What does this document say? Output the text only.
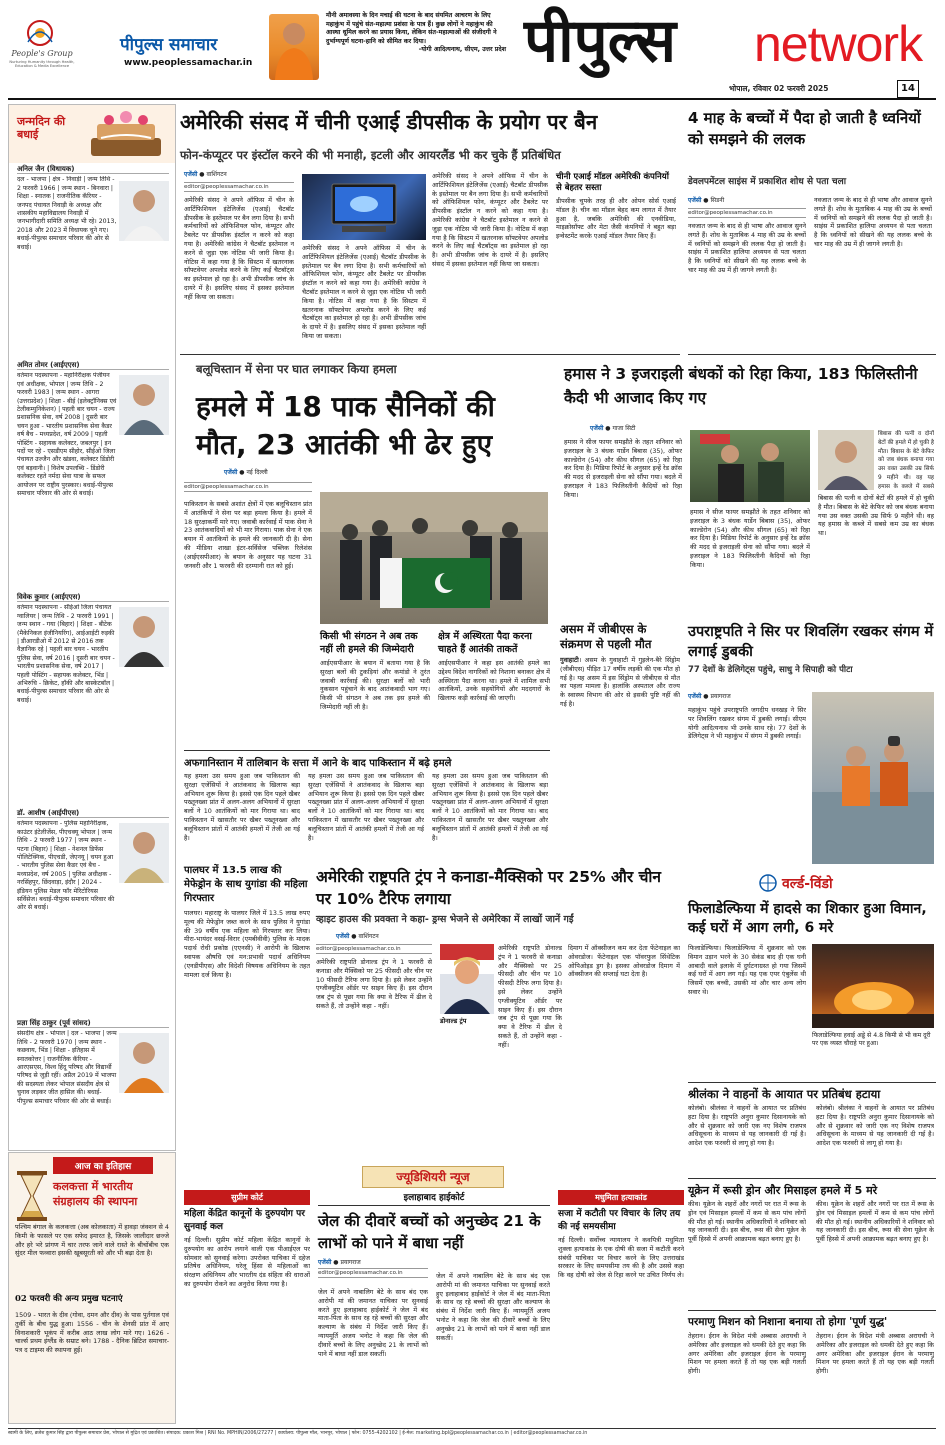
People's Group
Nurturing Humanity through Health, Education & Media Excellence
पीपुल्स समाचार
www.peoplessamachar.in
मौनी अमावस्या के दिन मचाई की घटना के बाद संयमित आचरण के लिए महाकुंभ में पहुंचे संत-महात्मा प्रशंसा के पात्र हैं। कुछ लोगों ने महाकुंभ की आस्था धूमिल करने का प्रयास किया, लेकिन संत-महात्माओं की संजीदगी ने दुर्भाग्यपूर्ण घटना-हानि को सीमित कर दिया।
-योगी आदित्यनाथ, सीएम, उत्तर प्रदेश पीपुल्स network
भोपाल, रविवार 02 फरवरी 2025	14
जन्मदिन की बधाई
अनिल जैन (विधायक)
दल - भाजपा | क्षेत्र - निवाड़ी | जन्म तिथि - 2 फरवरी 1966 | जन्म स्थान - बिनवारा | शिक्षा - स्नातक | राजनीतिक कॅरियर - जनपद पंचायत निवाड़ी के अध्यक्ष और शासकीय महाविद्यालय निवाड़ी में जनभागीदारी समिति अध्यक्ष भी रहे। 2013, 2018 और 2023 में विधायक चुने गए। बधाई-पीपुल्स समाचार परिवार की ओर से बधाई।
अमित तोमर (आईएएस)
वर्तमान पदस्थापना - महानिरीक्षक पंजीयन एवं अधीक्षक, भोपाल | जन्म तिथि - 2 फरवरी 1983 | जन्म स्थान - आगरा (उत्तरप्रदेश) | शिक्षा - बीई (इलेक्ट्रॉनिक्स एवं टेलीकम्युनिकेशन) | पहली बार चयन - राज्य प्रशासनिक सेवा, वर्ष 2008 | दूसरी बार चयन हुआ - भारतीय प्रशासनिक सेवा कैडर वर्ष बैच - मध्यप्रदेश, वर्ष 2009 | पहली पोस्टिंग - सहायक कलेक्टर, जबलपुर | इन पदों पर रहे - एसडीएम सीहोर, सीईओ जिला पंचायत उज्जैन और खंडवा, कलेक्टर डिंडोरी एवं बड़वानी। | विशेष उपलब्धि - डिंडोरी कलेक्टर रहते नर्मदा सेवा यात्रा के सफल आयोजन पर राष्ट्रीय पुरस्कार। बधाई-पीपुल्स समाचार परिवार की ओर से बधाई।
विवेक कुमार (आईएएस)
वर्तमान पदस्थापना - सीईओ जिला पंचायत ग्वालियर | जन्म तिथि - 2 फरवरी 1991 | जन्म स्थान - गया (बिहार) | शिक्षा - बीटेक (मैकेनिकल इंजीनियरिंग), आईआईटी रुड़की | डीआरडीओ में 2012 से 2016 तक वैज्ञानिक रहे | पहली बार चयन - भारतीय पुलिस सेवा, वर्ष 2016 | दूसरी बार चयन - भारतीय प्रशासनिक सेवा, वर्ष 2017 | पहली पोस्टिंग - सहायक कलेक्टर, भिंड | अभिरुचि - क्रिकेट, हॉकी और बास्केटबॉल | बधाई-पीपुल्स समाचार परिवार की ओर से बधाई।
डॉ. आशीष (आईपीएस)
वर्तमान पदस्थापना - पुलिस महानिरीक्षक, काउंटर इंटेलीजेंस, पीएचक्यू भोपाल | जन्म तिथि - 2 फरवरी 1977 | जन्म स्थान - पटना (बिहार) | शिक्षा - नेशनल डिफेंस पोलिटेक्निक, पीएचडी, जेएनयू | चयन हुआ - भारतीय पुलिस सेवा कैडर एवं बैच - मध्यप्रदेश, वर्ष 2005 | पुलिस अधीक्षक - नरसिंहपुर, छिंदवाड़ा, इंदौर | 2024 - इंडियन पुलिस मेडल फॉर मेरिटोरियस सर्विसेज। बधाई-पीपुल्स समाचार परिवार की ओर से बधाई।
प्रज्ञा सिंह ठाकुर (पूर्व सांसद)
संसदीय क्षेत्र - भोपाल | दल - भाजपा | जन्म तिथि - 2 फरवरी 1970 | जन्म स्थान - कछवाय, भिंड | शिक्षा - इतिहास में स्नातकोत्तर | राजनीतिक कॅरियर - आरएसएस, विश्व हिंदू परिषद और विद्यार्थी परिषद से जुड़ी रहीं। अप्रैल 2019 में भाजपा की सदस्यता लेकर भोपाल संसदीय क्षेत्र से चुनाव लड़कर जीत हासिल की। बधाई-पीपुल्स समाचार परिवार की ओर से बधाई।
आज का इतिहास
कलकत्ता में भारतीय संग्रहालय की स्थापना
पश्चिम बंगाल के कलकत्ता (अब कोलकाता) में हावड़ा जंक्शन से 4 किमी के फासले पर एक सफेद इमारत है, जिसके जालीदार छज्जे और हरे भरे प्रांगण में चार तरफ जाने वाले रास्ते के बीचोंबीच एक सुंदर मील फव्वारा इसकी खूबसूरती को और भी बढ़ा देता है।
02 फरवरी की अन्य प्रमुख घटनाएं
1509 - भारत के दीव (गोवा, दमन और दीव) के पास पुर्तगाल एवं तुर्की के बीच युद्ध हुआ। 1556 - चीन के शेनसी प्रांत में आए विनाशकारी भूकंप में करीब आठ लाख लोग मारे गए। 1626 - चार्ल्स प्रथम इंग्लैंड के सम्राट बने। 1788 - दैनिक ब्रिटिश समाचार-पत्र द टाइम्स की स्थापना हुई।
अमेरिकी संसद में चीनी एआई डीपसीक के प्रयोग पर बैन
फोन-कंप्यूटर पर इंस्टॉल करने की भी मनाही, इटली और आयरलैंड भी कर चुके हैं प्रतिबंधित
एजेंसी ● वाशिंगटन
editor@peoplessamachar.co.in
अमेरिकी संसद ने अपने ऑफिस में चीन के आर्टिफिशियल इंटेलिजेंस (एआई) चैटबॉट डीपसीक के इस्तेमाल पर बैन लगा दिया है। सभी कर्मचारियों को ऑफिशियल फोन, कंप्यूटर और टैबलेट पर डीपसीक इंस्टॉल न करने को कहा गया है। अमेरिकी कांग्रेस ने चैटबॉट इस्तेमाल न करने से जुड़ा एक नोटिस भी जारी किया है। नोटिस में कहा गया है कि सिस्टम में खतरनाक सॉफ्टवेयर अपलोड करने के लिए कई चैटबॉट्स का इस्तेमाल हो रहा है। अभी डीपसीक जांच के दायरे में है। इसलिए संसद में इसका इस्तेमाल नहीं किया जा सकता।
अमेरिकी संसद ने अपने ऑफिस में चीन के आर्टिफिशियल इंटेलिजेंस (एआई) चैटबॉट डीपसीक के इस्तेमाल पर बैन लगा दिया है। सभी कर्मचारियों को ऑफिशियल फोन, कंप्यूटर और टैबलेट पर डीपसीक इंस्टॉल न करने को कहा गया है। अमेरिकी कांग्रेस ने चैटबॉट इस्तेमाल न करने से जुड़ा एक नोटिस भी जारी किया है। नोटिस में कहा गया है कि सिस्टम में खतरनाक सॉफ्टवेयर अपलोड करने के लिए कई चैटबॉट्स का इस्तेमाल हो रहा है। अभी डीपसीक जांच के दायरे में है। इसलिए संसद में इसका इस्तेमाल नहीं किया जा सकता।
अमेरिकी संसद ने अपने ऑफिस में चीन के आर्टिफिशियल इंटेलिजेंस (एआई) चैटबॉट डीपसीक के इस्तेमाल पर बैन लगा दिया है। सभी कर्मचारियों को ऑफिशियल फोन, कंप्यूटर और टैबलेट पर डीपसीक इंस्टॉल न करने को कहा गया है। अमेरिकी कांग्रेस ने चैटबॉट इस्तेमाल न करने से जुड़ा एक नोटिस भी जारी किया है। नोटिस में कहा गया है कि सिस्टम में खतरनाक सॉफ्टवेयर अपलोड करने के लिए कई चैटबॉट्स का इस्तेमाल हो रहा है। अभी डीपसीक जांच के दायरे में है। इसलिए संसद में इसका इस्तेमाल नहीं किया जा सकता।
चीनी एआई मॉडल अमेरिकी कंपनियों से बेहतर सस्ता
डीपसीक चुपके तरह ही और ओपन सोर्स एआई मॉडल है। चीन का मॉडल बेहद कम लागत में तैयार हुआ है, जबकि अमेरिकी की एनवीडिया, माइक्रोसॉफ्ट और मेटा जैसी कंपनियों ने बहुत बड़ा इन्वेस्टमेंट करके एआई मॉडल तैयार किए हैं।
4 माह के बच्चों में पैदा हो जाती है ध्वनियों को समझने की ललक
डेवलपमेंटल साइंस में प्रकाशित शोध से पता चला
एजेंसी ● सिडनी
editor@peoplessamachar.co.in
नवजात जन्म के बाद से ही भाषा और आवाज सुनने लगते हैं। शोध के मुताबिक 4 माह की उम्र के बच्चों में ध्वनियों को समझने की ललक पैदा हो जाती है। साइंस में प्रकाशित हालिया अध्ययन से पता चलता है कि ध्वनियों को सीखने की यह ललक बच्चे के चार माह की उम्र में ही जागने लगती है।
नवजात जन्म के बाद से ही भाषा और आवाज सुनने लगते हैं। शोध के मुताबिक 4 माह की उम्र के बच्चों में ध्वनियों को समझने की ललक पैदा हो जाती है। साइंस में प्रकाशित हालिया अध्ययन से पता चलता है कि ध्वनियों को सीखने की यह ललक बच्चे के चार माह की उम्र में ही जागने लगती है।
बलूचिस्तान में सेना पर घात लगाकर किया हमला
हमले में 18 पाक सैनिकों की मौत, 23 आतंकी भी ढेर हुए
एजेंसी ● नई दिल्ली
editor@peoplessamachar.co.in
पाकिस्तान के सबसे अशांत क्षेत्रों में एक बलूचिस्तान प्रांत में आतंकियों ने सेना पर बड़ा हमला किया है। हमले में 18 सुरक्षाकर्मी मारे गए। जवाबी कार्रवाई में पाक सेना ने 23 आतंकवादियों को भी मार गिराया। पाक सेना ने एक बयान में आतंकियों के हमले की जानकारी दी है। सेना की मीडिया शाखा इंटर-सर्विसेज पब्लिक रिलेशंस (आईएसपीआर) के बयान के अनुसार यह घटना 31 जनवरी और 1 फरवरी की दरम्यानी रात को हुई।
किसी भी संगठन ने अब तक नहीं ली हमले की जिम्मेदारी
आईएसपीआर के बयान में बताया गया है कि सुरक्षा बलों की टुकड़ियां और कमांडो ने तुरंत जवाबी कार्रवाई की। सुरक्षा बलों को भारी नुकसान पहुंचाने के बाद आतंकवादी भाग गए। किसी भी संगठन ने अब तक इस हमले की जिम्मेदारी नहीं ली है।
क्षेत्र में अस्थिरता पैदा करना चाहते हैं आतंकी ताकतें
आईएसपीआर ने कहा इस आतंकी हमले का उद्देश्य विदेश नागरिकों को निशाना बनाकर क्षेत्र में अस्थिरता पैदा करना था। हमले में शामिल सभी आतंकियों, उनके सहयोगियों और मददगारों के खिलाफ कड़ी कार्रवाई की जाएगी।
अफगानिस्तान में तालिबान के सत्ता में आने के बाद पाकिस्तान में बढ़े हमले
यह हमला उस समय हुआ जब पाकिस्तान की सुरक्षा एजेंसियों ने आतंकवाद के खिलाफ बड़ा अभियान शुरू किया है। इससे एक दिन पहले खैबर पख्तूनख्वा प्रांत में अलग-अलग अभियानों में सुरक्षा बलों ने 10 आतंकियों को मार गिराया था। बाद पाकिस्तान में खासतौर पर खैबर पख्तूनख्वा और बलूचिस्तान प्रांतों में आतंकी हमलों में तेजी आ गई है।
यह हमला उस समय हुआ जब पाकिस्तान की सुरक्षा एजेंसियों ने आतंकवाद के खिलाफ बड़ा अभियान शुरू किया है। इससे एक दिन पहले खैबर पख्तूनख्वा प्रांत में अलग-अलग अभियानों में सुरक्षा बलों ने 10 आतंकियों को मार गिराया था। बाद पाकिस्तान में खासतौर पर खैबर पख्तूनख्वा और बलूचिस्तान प्रांतों में आतंकी हमलों में तेजी आ गई है।
यह हमला उस समय हुआ जब पाकिस्तान की सुरक्षा एजेंसियों ने आतंकवाद के खिलाफ बड़ा अभियान शुरू किया है। इससे एक दिन पहले खैबर पख्तूनख्वा प्रांत में अलग-अलग अभियानों में सुरक्षा बलों ने 10 आतंकियों को मार गिराया था। बाद पाकिस्तान में खासतौर पर खैबर पख्तूनख्वा और बलूचिस्तान प्रांतों में आतंकी हमलों में तेजी आ गई है।
हमास ने 3 इजराइली बंधकों को रिहा किया, 183 फिलिस्तीनी कैदी भी आजाद किए गए
एजेंसी ● गाजा सिटी
हमास ने सीज फायर समझौते के तहत शनिवार को इजराइल के 3 बंधक यार्डेन बिबास (35), ओफर काल्डेरोन (54) और कीथ सीगल (65) को रिहा कर दिया है। मिडिया रिपोर्ट के अनुसार इन्हें रेड क्रॉस की मदद से इजराइली सेना को सौंपा गया। बदले में इजराइल ने 183 फिलिस्तीनी कैदियों को रिहा किया।
हमास ने सीज फायर समझौते के तहत शनिवार को इजराइल के 3 बंधक यार्डेन बिबास (35), ओफर काल्डेरोन (54) और कीथ सीगल (65) को रिहा कर दिया है। मिडिया रिपोर्ट के अनुसार इन्हें रेड क्रॉस की मदद से इजराइली सेना को सौंपा गया। बदले में इजराइल ने 183 फिलिस्तीनी कैदियों को रिहा किया।
बिबास की पत्नी व दोनों बेटों की हमले में हो चुकी है मौत। बिबास के बेटे केफिर को जब बंधक बनाया गया उस वक्त उसकी उम्र सिर्फ 9 महीने थी। वह यह हमास के कब्जे में सबसे कम उम्र का बंधक था।
बिबास की पत्नी व दोनों बेटों की हमले में हो चुकी है मौत। बिबास के बेटे केफिर को जब बंधक बनाया गया उस वक्त उसकी उम्र सिर्फ 9 महीने थी। वह यह हमास के कब्जे में सबसे
असम में जीबीएस के संक्रमण से पहली मौत
गुवाहाटी। असम के गुवाहाटी में गुइलेन-बैरे सिंड्रोम (जीबीएस) पीड़ित 17 वर्षीय लड़की की एक मौत हो गई है। यह असम में इस सिंड्रोम से जीबीएस से मौत का पहला मामला है। हालांकि अस्पताल और राज्य के स्वास्थ्य विभाग की ओर से इसकी पुष्टि नहीं की गई है।
उपराष्ट्रपति ने सिर पर शिवलिंग रखकर संगम में लगाई डुबकी
77 देशों के डेलिगेट्स पहुंचे, साधु ने सिपाही को पीटा
एजेंसी ● प्रयागराज
महाकुंभ पहुंचे उपराष्ट्रपति जगदीप धनखड़ ने सिर पर शिवलिंग रखकर संगम में डुबकी लगाई। सीएम योगी आदित्यनाथ भी उनके साथ रहे। 77 देशों के डेलिगेट्स ने भी महाकुंभ में संगम में डुबकी लगाई।
पालघर में 13.5 लाख की मेफेड्रोन के साथ युगांडा की महिला गिरफ्तार
पालघर। महाराष्ट्र के पालघर जिले में 13.5 लाख रुपए मूल्य की मेफेड्रोन जब्त करने के साथ पुलिस ने युगांडा की 39 वर्षीय एक महिला को गिरफ्तार कर लिया। मीरा-भायंदर वसई-विरार (एमबीवीवी) पुलिस के मादक पदार्थ रोधी प्रकोष्ठ (एएनसी) ने आरोपी के खिलाफ स्वापक औषधि एवं मन:प्रभावी पदार्थ अधिनियम (एनडीपीएस) और विदेशी विषयक अधिनियम के तहत मामला दर्ज किया है।
अमेरिकी राष्ट्रपति ट्रंप ने कनाडा-मैक्सिको पर 25% और चीन पर 10% टैरिफ लगाया
व्हाइट हाउस की प्रवक्ता ने कहा- ड्रग्स भेजने से अमेरिका में लाखों जानें गईं
एजेंसी ● वाशिंगटन
editor@peoplessamachar.co.in
अमेरिकी राष्ट्रपति डोनाल्ड ट्रंप ने 1 फरवरी से कनाडा और मैक्सिको पर 25 फीसदी और चीन पर 10 फीसदी टैरिफ लगा दिया है। इसे लेकर उन्होंने एग्जीक्यूटिव ऑर्डर पर साइन किए हैं। इस दौरान जब ट्रंप से पूछा गया कि क्या वे टैरिफ में ढील दे सकते हैं, तो उन्होंने कहा - नहीं।
डोनाल्ड ट्रंप
अमेरिकी राष्ट्रपति डोनाल्ड ट्रंप ने 1 फरवरी से कनाडा और मैक्सिको पर 25 फीसदी और चीन पर 10 फीसदी टैरिफ लगा दिया है। इसे लेकर उन्होंने एग्जीक्यूटिव ऑर्डर पर साइन किए हैं। इस दौरान जब ट्रंप से पूछा गया कि क्या वे टैरिफ में ढील दे सकते हैं, तो उन्होंने कहा - नहीं।
दिमाग में ऑक्सीजन कम कर देता फेंटेनाइल का ओवरडोज। फेंटेनाइल एक पॉवरफुल सिंथेटिक ओपिओइड ड्रग है। इसका ओवरडोज दिमाग में ऑक्सीजन की सप्लाई घटा देता है।
वर्ल्ड-विंडो
फिलाडेल्फिया में हादसे का शिकार हुआ विमान, कई घरों में आग लगी, 6 मरे
फिलाडेल्फिया। फिलाडेल्फिया में शुक्रवार को एक विमान उड़ान भरने के 30 सेकंड बाद ही एक घनी आबादी वाले इलाके में दुर्घटनाग्रस्त हो गया जिसमें कई घरों में आग लग गई। यह एक एयर एंबुलेंस थी जिसमें एक बच्ची, उसकी मां और चार अन्य लोग सवार थे।
फिलाडेल्फिया हवाई अड्डे से 4.8 किमी से भी कम दूरी पर एक व्यस्त चौराहे पर हुआ।
श्रीलंका ने वाहनों के आयात पर प्रतिबंध हटाया
कोलंबो। श्रीलंका ने वाहनों के आयात पर प्रतिबंध हटा दिया है। राष्ट्रपति अनुरा कुमार दिसानायके को और से शुक्रवार को जारी एक नए विशेष राजपत्र अधिसूचना के माध्यम से यह जानकारी दी गई है। आदेश एक फरवरी से लागू हो गया है।
कोलंबो। श्रीलंका ने वाहनों के आयात पर प्रतिबंध हटा दिया है। राष्ट्रपति अनुरा कुमार दिसानायके को और से शुक्रवार को जारी एक नए विशेष राजपत्र अधिसूचना के माध्यम से यह जानकारी दी गई है। आदेश एक फरवरी से लागू हो गया है।
यूक्रेन में रूसी ड्रोन और मिसाइल हमले में 5 मरे
कीव। यूक्रेन के शहरों और नगरों पर रात में रूस के ड्रोन एवं मिसाइल हमलों में कम से कम पांच लोगों की मौत हो गई। स्थानीय अधिकारियों ने शनिवार को यह जानकारी दी। इस बीच, रूस की सेना यूक्रेन के पूर्वी हिस्से में अपनी आक्रामक बढ़त बनाए हुए है।
कीव। यूक्रेन के शहरों और नगरों पर रात में रूस के ड्रोन एवं मिसाइल हमलों में कम से कम पांच लोगों की मौत हो गई। स्थानीय अधिकारियों ने शनिवार को यह जानकारी दी। इस बीच, रूस की सेना यूक्रेन के पूर्वी हिस्से में अपनी आक्रामक बढ़त बनाए हुए है।
परमाणु मिशन को निशाना बनाया तो होगा 'पूर्ण युद्ध'
तेहरान। ईरान के विदेश मंत्री अब्बास अराघची ने अमेरिका और इजराइल को धमकी देते हुए कहा कि अगर अमेरिका और इजराइल ईरान के परमाणु मिशन पर हमला करते हैं तो यह एक बड़ी गलती होगी।
तेहरान। ईरान के विदेश मंत्री अब्बास अराघची ने अमेरिका और इजराइल को धमकी देते हुए कहा कि अगर अमेरिका और इजराइल ईरान के परमाणु मिशन पर हमला करते हैं तो यह एक बड़ी गलती होगी।
ज्यूडिशियरी न्यूज
सुप्रीम कोर्ट
महिला केंद्रित कानूनों के दुरुपयोग पर सुनवाई कल
नई दिल्ली। सुप्रीम कोर्ट महिला केंद्रित कानूनों के दुरुपयोग का आरोप लगाने वाली एक पीआईएल पर सोमवार को सुनवाई करेगा। उपरोक्त याचिका में दहेज प्रतिषेध अधिनियम, घरेलू हिंसा से महिलाओं का संरक्षण अधिनियम और भारतीय दंड संहिता की धाराओं का दुरुपयोग रोकने का अनुरोध किया गया है।
इलाहाबाद हाईकोर्ट
जेल की दीवारें बच्चों को अनुच्छेद 21 के लाभों को पाने में बाधा नहीं
एजेंसी ● प्रयागराज
editor@peoplessamachar.co.in
जेल में अपने नाबालिग बेटे के साथ बंद एक आरोपी मां की जमानत याचिका पर सुनवाई करते हुए इलाहाबाद हाईकोर्ट ने जेल में बंद माता-पिता के साथ रह रहे बच्चों की सुरक्षा और कल्याण के संबंध में निर्देश जारी किए हैं। न्यायमूर्ति अजय भनोट ने कहा कि जेल की दीवारें बच्चों के लिए अनुच्छेद 21 के लाभों को पाने में बाधा नहीं डाल सकतीं।
जेल में अपने नाबालिग बेटे के साथ बंद एक आरोपी मां की जमानत याचिका पर सुनवाई करते हुए इलाहाबाद हाईकोर्ट ने जेल में बंद माता-पिता के साथ रह रहे बच्चों की सुरक्षा और कल्याण के संबंध में निर्देश जारी किए हैं। न्यायमूर्ति अजय भनोट ने कहा कि जेल की दीवारें बच्चों के लिए अनुच्छेद 21 के लाभों को पाने में बाधा नहीं डाल सकतीं।
मधुमिता हत्याकांड
सजा में कटौती पर विचार के लिए तय की नई समयसीमा
नई दिल्ली। सर्वोच्च न्यायालय ने कवयित्री मधुमिता शुक्ला हत्याकांड के एक दोषी की सजा में कटौती करने संबंधी याचिका पर विचार करने के लिए उत्तराखंड सरकार के लिए समयसीमा तय की है और उससे कहा कि वह दोषी को जेल से रिहा करने पर उचित निर्णय ले।
स्वामी के लिए, ब्रजेश कुमार सिंह द्वारा पीपुल्स समाचार प्रेस, भोपाल से मुद्रित एवं प्रकाशित। संपादक: प्रकाश मिश्र | RNI No. MPHIN/2006/27277 | कार्यालय: पीपुल्स मॉल, भानपुर, भोपाल | फोन: 0755-4202102 | ई-मेल: marketing.bpl@peoplessamachar.co.in | editor@peoplessamachar.co.in
